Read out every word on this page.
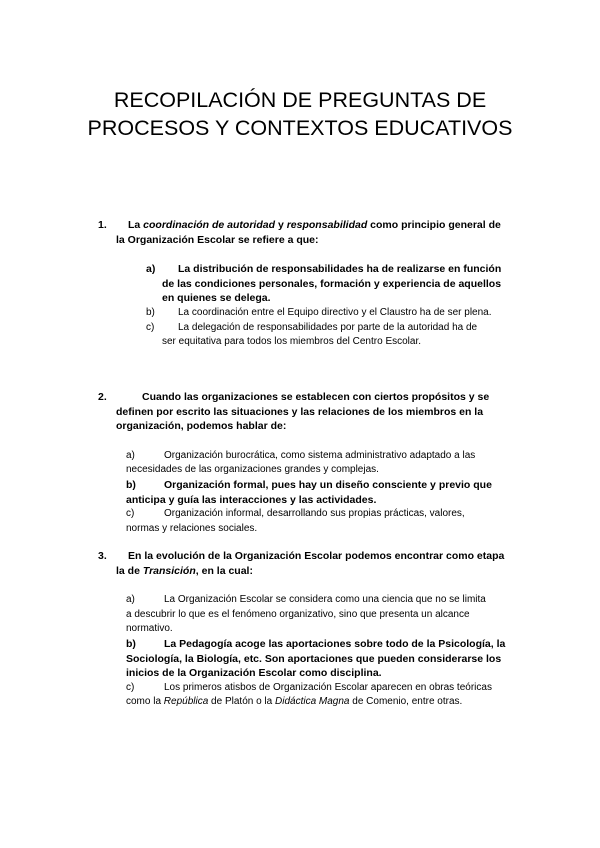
RECOPILACIÓN DE PREGUNTAS DE
PROCESOS Y CONTEXTOS EDUCATIVOS

1. La coordinación de autoridad y responsabilidad como principio general de
la Organización Escolar se refiere a que:

a) La distribución de responsabilidades ha de realizarse en función
de las condiciones personales, formación y experiencia de aquellos
en quienes se delega.

b) La coordinación entre el Equipo directivo y el Claustro ha de ser plena.

c) La delegación de responsabilidades por parte de la autoridad ha de
ser equitativa para todos los miembros del Centro Escolar.

2.	Cuando las organizaciones se establecen con ciertos propósitos y se
definen por escrito las situaciones y las relaciones de los miembros en la
organización, podemos hablar de:

a)	Organización burocrática, como sistema administrativo adaptado a las
necesidades de las organizaciones grandes y complejas.

b)	Organización formal, pues hay un diseño consciente y previo que
anticipa y guía las interacciones y las actividades.

c)	Organización informal, desarrollando sus propias prácticas, valores,
normas y relaciones sociales.

3. En la evolución de la Organización Escolar podemos encontrar como etapa
la de Transición, en la cual:

a)	La Organización Escolar se considera como una ciencia que no se limita
a descubrir lo que es el fenómeno organizativo, sino que presenta un alcance
normativo.

b)	La Pedagogía acoge las aportaciones sobre todo de la Psicología, la
Sociología, la Biología, etc. Son aportaciones que pueden considerarse los
inicios de la Organización Escolar como disciplina.

c)	Los primeros atisbos de Organización Escolar aparecen en obras teóricas
como la República de Platón o la Didáctica Magna de Comenio, entre otras.
